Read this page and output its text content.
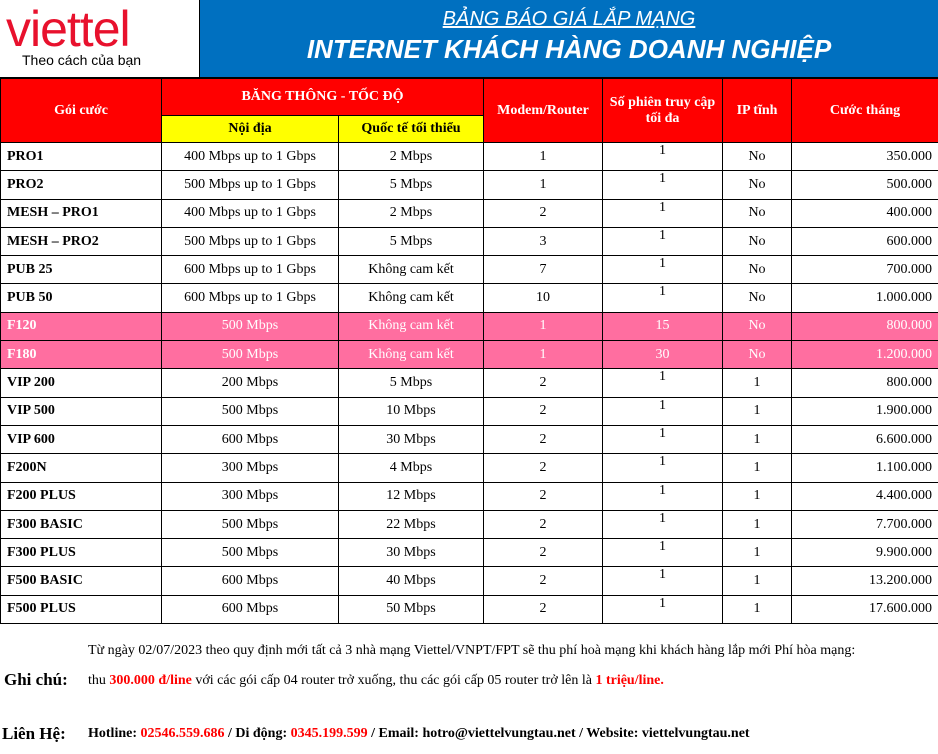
viettel
Theo cách của bạn
BẢNG BÁO GIÁ LẮP MẠNG
INTERNET KHÁCH HÀNG DOANH NGHIỆP
Gói cước	BĂNG THÔNG - TỐC ĐỘ		Modem/Router	Số phiên truy cập tối đa	IP tĩnh	Cước tháng
	Nội địa	Quốc tế tối thiểu				
PRO1	400 Mbps up to 1 Gbps	2 Mbps	1	1	No	350.000
PRO2	500 Mbps up to 1 Gbps	5 Mbps	1	1	No	500.000
MESH – PRO1	400 Mbps up to 1 Gbps	2 Mbps	2	1	No	400.000
MESH – PRO2	500 Mbps up to 1 Gbps	5 Mbps	3	1	No	600.000
PUB 25	600 Mbps up to 1 Gbps	Không cam kết	7	1	No	700.000
PUB 50	600 Mbps up to 1 Gbps	Không cam kết	10	1	No	1.000.000
F120	500 Mbps	Không cam kết	1	15	No	800.000
F180	500 Mbps	Không cam kết	1	30	No	1.200.000
VIP 200	200 Mbps	5 Mbps	2	1	1	800.000
VIP 500	500 Mbps	10 Mbps	2	1	1	1.900.000
VIP 600	600 Mbps	30 Mbps	2	1	1	6.600.000
F200N	300 Mbps	4 Mbps	2	1	1	1.100.000
F200 PLUS	300 Mbps	12 Mbps	2	1	1	4.400.000
F300 BASIC	500 Mbps	22 Mbps	2	1	1	7.700.000
F300 PLUS	500 Mbps	30 Mbps	2	1	1	9.900.000
F500 BASIC	600 Mbps	40 Mbps	2	1	1	13.200.000
F500 PLUS	600 Mbps	50 Mbps	2	1	1	17.600.000
Ghi chú:
Từ ngày 02/07/2023 theo quy định mới tất cả 3 nhà mạng Viettel/VNPT/FPT sẽ thu phí hoà mạng khi khách hàng lắp mới Phí hòa mạng: thu 300.000 đ/line với các gói cấp 04 router trở xuống, thu các gói cấp 05 router trở lên là 1 triệu/line.
Liên Hệ: Hotline: 02546.559.686 / Di động: 0345.199.599 / Email: hotro@viettelvungtau.net / Website: viettelvungtau.net
